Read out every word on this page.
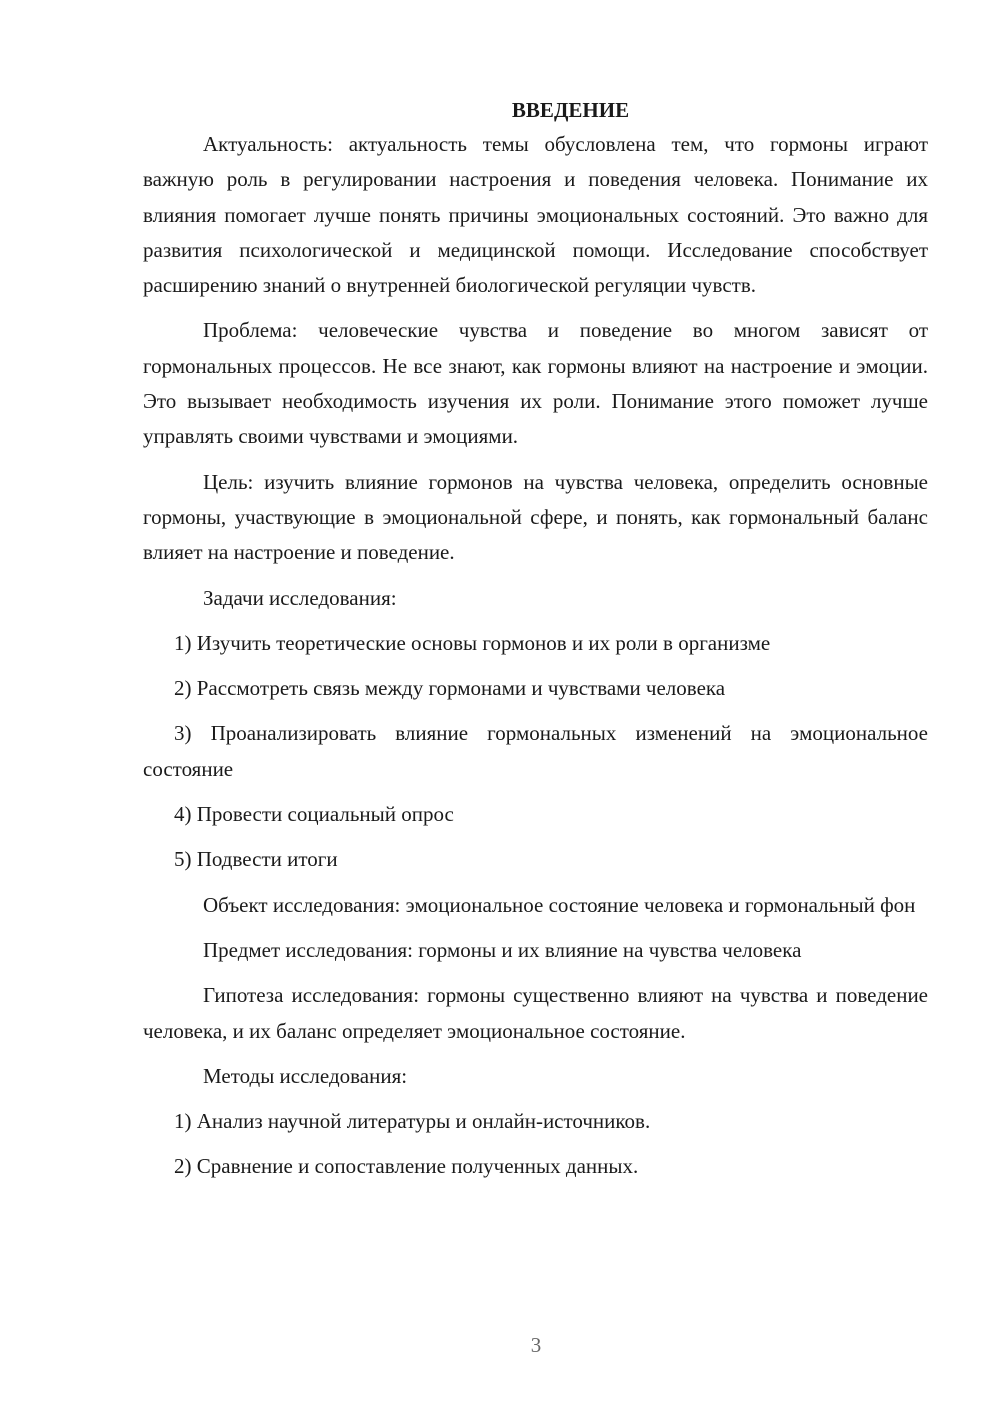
ВВЕДЕНИЕ

Актуальность: актуальность темы обусловлена тем, что гормоны играют важную роль в регулировании настроения и поведения человека. Понимание их влияния помогает лучше понять причины эмоциональных состояний. Это важно для развития психологической и медицинской помощи. Исследование способствует расширению знаний о внутренней биологической регуляции чувств.

Проблема: человеческие чувства и поведение во многом зависят от гормональных процессов. Не все знают, как гормоны влияют на настроение и эмоции. Это вызывает необходимость изучения их роли. Понимание этого поможет лучше управлять своими чувствами и эмоциями.

Цель: изучить влияние гормонов на чувства человека, определить основные гормоны, участвующие в эмоциональной сфере, и понять, как гормональный баланс влияет на настроение и поведение.

Задачи исследования:

1) Изучить теоретические основы гормонов и их роли в организме

2) Рассмотреть связь между гормонами и чувствами человека

3) Проанализировать влияние гормональных изменений на эмоциональное состояние

4) Провести социальный опрос

5) Подвести итоги

Объект исследования: эмоциональное состояние человека и гормональный фон

Предмет исследования: гормоны и их влияние на чувства человека

Гипотеза исследования: гормоны существенно влияют на чувства и поведение человека, и их баланс определяет эмоциональное состояние.

Методы исследования:

1) Анализ научной литературы и онлайн-источников.

2) Сравнение и сопоставление полученных данных.

3
